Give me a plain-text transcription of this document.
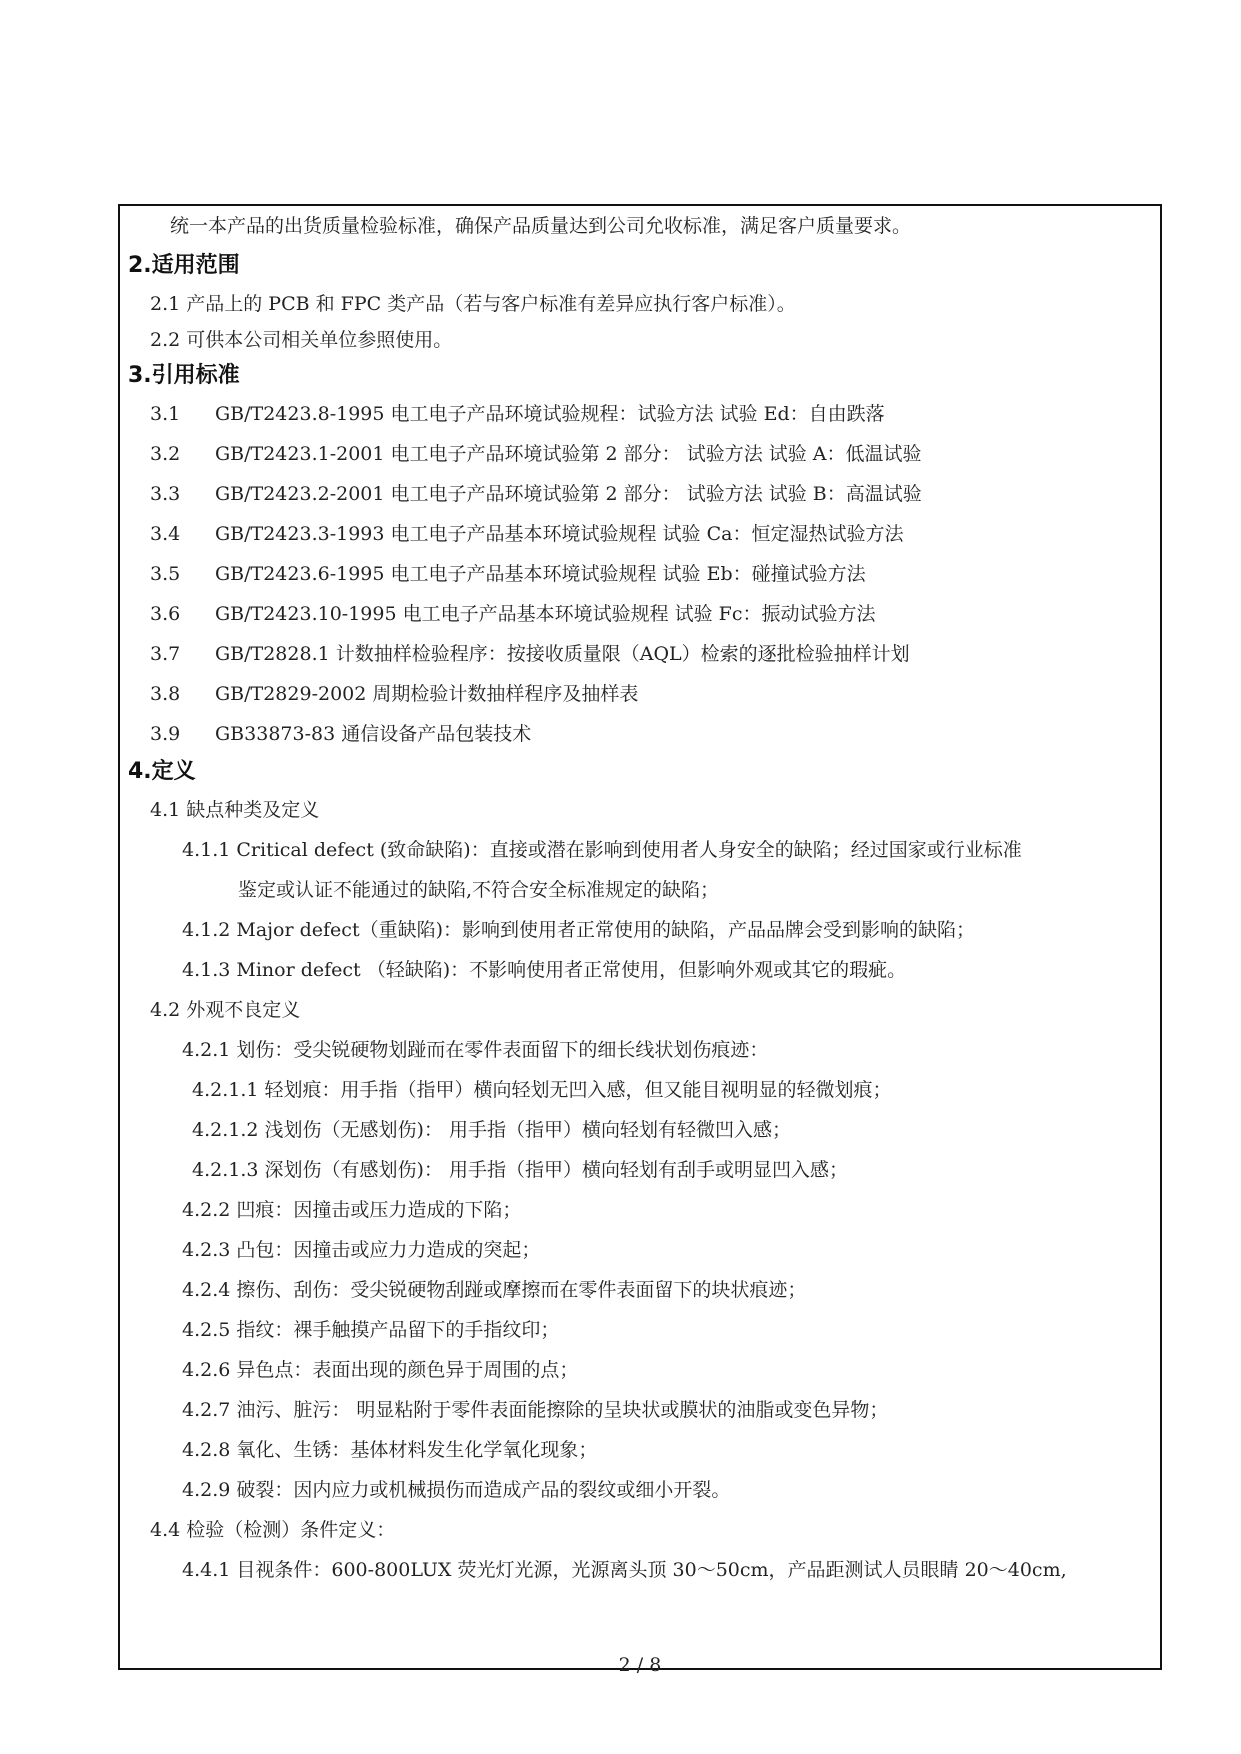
统一本产品的出货质量检验标准，确保产品质量达到公司允收标准，满足客户质量要求。
2.适用范围
2.1 产品上的 PCB 和 FPC 类产品（若与客户标准有差异应执行客户标准）。
2.2 可供本公司相关单位参照使用。
3.引用标准
3.1 GB/T2423.8-1995 电工电子产品环境试验规程：试验方法 试验 Ed：自由跌落
3.2 GB/T2423.1-2001 电工电子产品环境试验第 2 部分： 试验方法 试验 A：低温试验
3.3 GB/T2423.2-2001 电工电子产品环境试验第 2 部分： 试验方法 试验 B：高温试验
3.4 GB/T2423.3-1993 电工电子产品基本环境试验规程 试验 Ca：恒定湿热试验方法
3.5 GB/T2423.6-1995 电工电子产品基本环境试验规程 试验 Eb：碰撞试验方法
3.6 GB/T2423.10-1995 电工电子产品基本环境试验规程 试验 Fc：振动试验方法
3.7 GB/T2828.1 计数抽样检验程序：按接收质量限（AQL）检索的逐批检验抽样计划
3.8 GB/T2829-2002 周期检验计数抽样程序及抽样表
3.9 GB33873-83 通信设备产品包装技术
4.定义
4.1 缺点种类及定义
4.1.1 Critical defect (致命缺陷)：直接或潜在影响到使用者人身安全的缺陷；经过国家或行业标准
鉴定或认证不能通过的缺陷,不符合安全标准规定的缺陷；
4.1.2 Major defect（重缺陷)：影响到使用者正常使用的缺陷，产品品牌会受到影响的缺陷；
4.1.3 Minor defect （轻缺陷)：不影响使用者正常使用，但影响外观或其它的瑕疵。
4.2 外观不良定义
4.2.1 划伤：受尖锐硬物划踫而在零件表面留下的细长线状划伤痕迹：
4.2.1.1 轻划痕：用手指（指甲）横向轻划无凹入感，但又能目视明显的轻微划痕；
4.2.1.2 浅划伤（无感划伤)： 用手指（指甲）横向轻划有轻微凹入感；
4.2.1.3 深划伤（有感划伤)： 用手指（指甲）横向轻划有刮手或明显凹入感；
4.2.2 凹痕：因撞击或压力造成的下陷；
4.2.3 凸包：因撞击或应力力造成的突起；
4.2.4 擦伤、刮伤：受尖锐硬物刮踫或摩擦而在零件表面留下的块状痕迹；
4.2.5 指纹：裸手触摸产品留下的手指纹印；
4.2.6 异色点：表面出现的颜色异于周围的点；
4.2.7 油污、脏污： 明显粘附于零件表面能擦除的呈块状或膜状的油脂或变色异物；
4.2.8 氧化、生锈：基体材料发生化学氧化现象；
4.2.9 破裂：因内应力或机械损伤而造成产品的裂纹或细小开裂。
4.4 检验（检测）条件定义：
4.4.1 目视条件：600-800LUX 荧光灯光源，光源离头顶 30～50cm，产品距测试人员眼睛 20～40cm,
2 / 8
